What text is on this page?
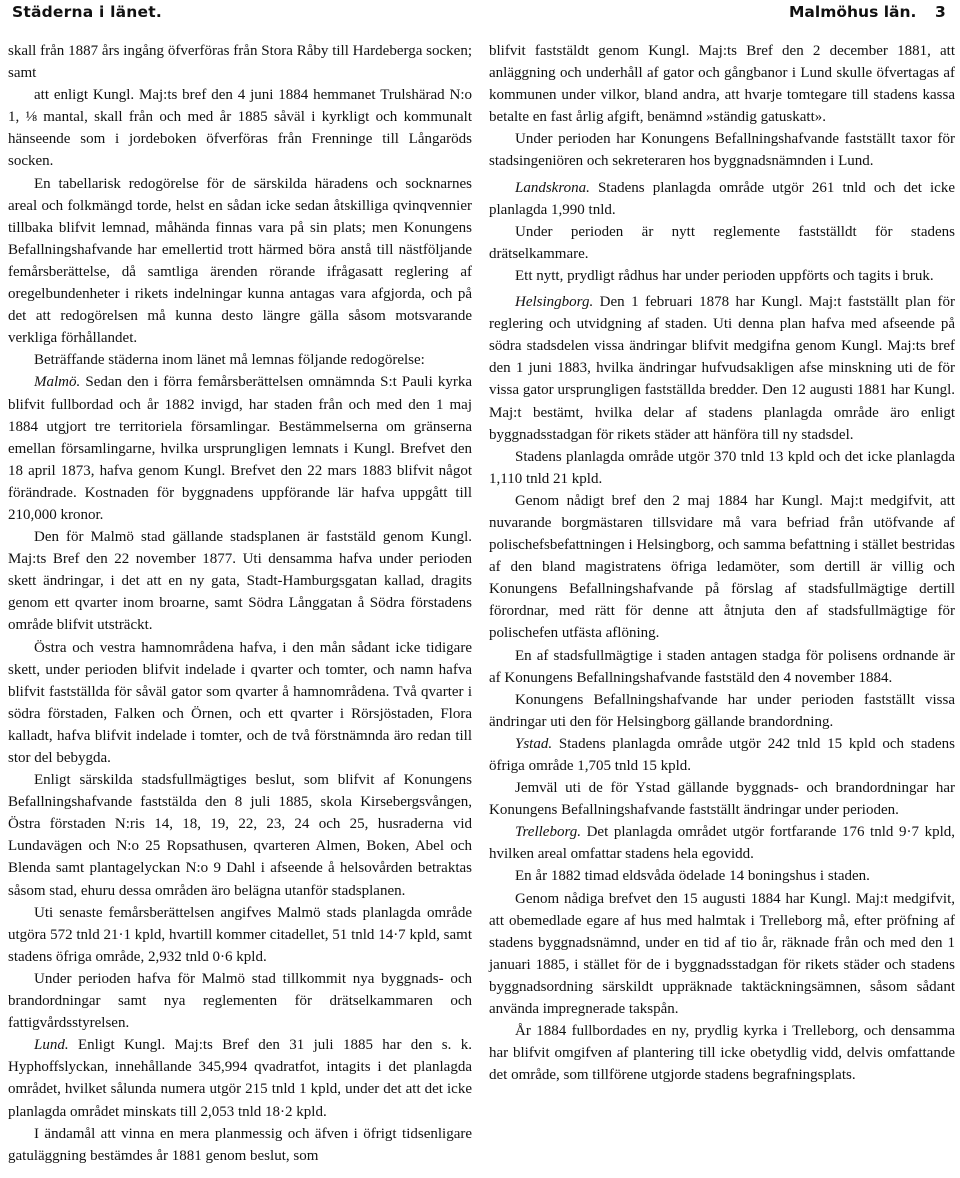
Städerna i länet.	Malmöhus län. 3

skall från 1887 års ingång öfverföras från Stora Råby till Hardeberga socken; samt

att enligt Kungl. Maj:ts bref den 4 juni 1884 hemmanet Trulshärad N:o 1, ⅛ mantal, skall från och med år 1885 såväl i kyrkligt och kommunalt hänseende som i jordeboken öfverföras från Frenninge till Långaröds socken.

En tabellarisk redogörelse för de särskilda häradens och socknarnes areal och folkmängd torde, helst en sådan icke sedan åtskilliga qvinqvennier tillbaka blifvit lemnad, måhända finnas vara på sin plats; men Konungens Befallningshafvande har emellertid trott härmed böra anstå till nästföljande femårsberättelse, då samtliga ärenden rörande ifrågasatt reglering af oregelbundenheter i rikets indelningar kunna antagas vara afgjorda, och på det att redogörelsen må kunna desto längre gälla såsom motsvarande verkliga förhållandet.

Beträffande städerna inom länet må lemnas följande redogörelse:

Malmö. Sedan den i förra femårsberättelsen omnämnda S:t Pauli kyrka blifvit fullbordad och år 1882 invigd, har staden från och med den 1 maj 1884 utgjort tre territoriela församlingar. Bestämmelserna om gränserna emellan församlingarne, hvilka ursprungligen lemnats i Kungl. Brefvet den 18 april 1873, hafva genom Kungl. Brefvet den 22 mars 1883 blifvit något förändrade. Kostnaden för byggnadens uppförande lär hafva uppgått till 210,000 kronor.

Den för Malmö stad gällande stadsplanen är faststäld genom Kungl. Maj:ts Bref den 22 november 1877. Uti densamma hafva under perioden skett ändringar, i det att en ny gata, Stadt-Hamburgsgatan kallad, dragits genom ett qvarter inom broarne, samt Södra Långgatan å Södra förstadens område blifvit utsträckt.

Östra och vestra hamnområdena hafva, i den mån sådant icke tidigare skett, under perioden blifvit indelade i qvarter och tomter, och namn hafva blifvit fastställda för såväl gator som qvarter å hamnområdena. Två qvarter i södra förstaden, Falken och Örnen, och ett qvarter i Rörsjöstaden, Flora kalladt, hafva blifvit indelade i tomter, och de två förstnämnda äro redan till stor del bebygda.

Enligt särskilda stadsfullmägtiges beslut, som blifvit af Konungens Befallningshafvande faststälda den 8 juli 1885, skola Kirsebergsvången, Östra förstaden N:ris 14, 18, 19, 22, 23, 24 och 25, husraderna vid Lundavägen och N:o 25 Ropsathusen, qvarteren Almen, Boken, Abel och Blenda samt plantagelyckan N:o 9 Dahl i afseende å helsovården betraktas såsom stad, ehuru dessa områden äro belägna utanför stadsplanen.

Uti senaste femårsberättelsen angifves Malmö stads planlagda område utgöra 572 tnld 21·1 kpld, hvartill kommer citadellet, 51 tnld 14·7 kpld, samt stadens öfriga område, 2,932 tnld 0·6 kpld.

Under perioden hafva för Malmö stad tillkommit nya byggnads- och brandordningar samt nya reglementen för drätselkammaren och fattigvårdsstyrelsen.

Lund. Enligt Kungl. Maj:ts Bref den 31 juli 1885 har den s. k. Hyphoffslyckan, innehållande 345,994 qvadratfot, intagits i det planlagda området, hvilket sålunda numera utgör 215 tnld 1 kpld, under det att det icke planlagda området minskats till 2,053 tnld 18·2 kpld.

I ändamål att vinna en mera planmessig och äfven i öfrigt tidsenligare gatuläggning bestämdes år 1881 genom beslut, som

blifvit faststäldt genom Kungl. Maj:ts Bref den 2 december 1881, att anläggning och underhåll af gator och gångbanor i Lund skulle öfvertagas af kommunen under vilkor, bland andra, att hvarje tomtegare till stadens kassa betalte en fast årlig afgift, benämnd »ständig gatuskatt».

Under perioden har Konungens Befallningshafvande fastställt taxor för stadsingeniören och sekreteraren hos byggnadsnämnden i Lund.

Landskrona. Stadens planlagda område utgör 261 tnld och det icke planlagda 1,990 tnld.

Under perioden är nytt reglemente fastställdt för stadens drätselkammare.

Ett nytt, prydligt rådhus har under perioden uppförts och tagits i bruk.

Helsingborg. Den 1 februari 1878 har Kungl. Maj:t fastställt plan för reglering och utvidgning af staden. Uti denna plan hafva med afseende på södra stadsdelen vissa ändringar blifvit medgifna genom Kungl. Maj:ts bref den 1 juni 1883, hvilka ändringar hufvudsakligen afse minskning uti de för vissa gator ursprungligen fastställda bredder. Den 12 augusti 1881 har Kungl. Maj:t bestämt, hvilka delar af stadens planlagda område äro enligt byggnadsstadgan för rikets städer att hänföra till ny stadsdel.

Stadens planlagda område utgör 370 tnld 13 kpld och det icke planlagda 1,110 tnld 21 kpld.

Genom nådigt bref den 2 maj 1884 har Kungl. Maj:t medgifvit, att nuvarande borgmästaren tillsvidare må vara befriad från utöfvande af polischefsbefattningen i Helsingborg, och samma befattning i stället bestridas af den bland magistratens öfriga ledamöter, som dertill är villig och Konungens Befallningshafvande på förslag af stadsfullmägtige dertill förordnar, med rätt för denne att åtnjuta den af stadsfullmägtige för polischefen utfästa aflöning.

En af stadsfullmägtige i staden antagen stadga för polisens ordnande är af Konungens Befallningshafvande faststäld den 4 november 1884.

Konungens Befallningshafvande har under perioden fastställt vissa ändringar uti den för Helsingborg gällande brandordning.

Ystad. Stadens planlagda område utgör 242 tnld 15 kpld och stadens öfriga område 1,705 tnld 15 kpld.

Jemväl uti de för Ystad gällande byggnads- och brandordningar har Konungens Befallningshafvande fastställt ändringar under perioden.

Trelleborg. Det planlagda området utgör fortfarande 176 tnld 9·7 kpld, hvilken areal omfattar stadens hela egovidd.

En år 1882 timad eldsvåda ödelade 14 boningshus i staden.

Genom nådiga brefvet den 15 augusti 1884 har Kungl. Maj:t medgifvit, att obemedlade egare af hus med halmtak i Trelleborg må, efter pröfning af stadens byggnadsnämnd, under en tid af tio år, räknade från och med den 1 januari 1885, i stället för de i byggnadsstadgan för rikets städer och stadens byggnadsordning särskildt uppräknade taktäckningsämnen, såsom sådant använda impregnerade takspån.

År 1884 fullbordades en ny, prydlig kyrka i Trelleborg, och densamma har blifvit omgifven af plantering till icke obetydlig vidd, delvis omfattande det område, som tillförene utgjorde stadens begrafningsplats.
